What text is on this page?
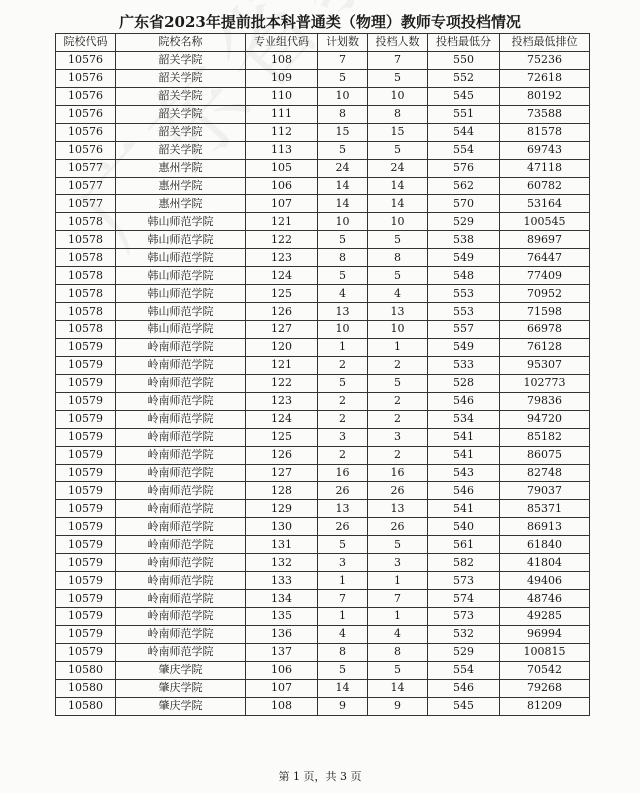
广东省2023年提前批本科普通类（物理）教师专项投档情况
院校代码	院校名称	专业组代码	计划数	投档人数	投档最低分	投档最低排位
10576	韶关学院	108	7	7	550	75236
10576	韶关学院	109	5	5	552	72618
10576	韶关学院	110	10	10	545	80192
10576	韶关学院	111	8	8	551	73588
10576	韶关学院	112	15	15	544	81578
10576	韶关学院	113	5	5	554	69743
10577	惠州学院	105	24	24	576	47118
10577	惠州学院	106	14	14	562	60782
10577	惠州学院	107	14	14	570	53164
10578	韩山师范学院	121	10	10	529	100545
10578	韩山师范学院	122	5	5	538	89697
10578	韩山师范学院	123	8	8	549	76447
10578	韩山师范学院	124	5	5	548	77409
10578	韩山师范学院	125	4	4	553	70952
10578	韩山师范学院	126	13	13	553	71598
10578	韩山师范学院	127	10	10	557	66978
10579	岭南师范学院	120	1	1	549	76128
10579	岭南师范学院	121	2	2	533	95307
10579	岭南师范学院	122	5	5	528	102773
10579	岭南师范学院	123	2	2	546	79836
10579	岭南师范学院	124	2	2	534	94720
10579	岭南师范学院	125	3	3	541	85182
10579	岭南师范学院	126	2	2	541	86075
10579	岭南师范学院	127	16	16	543	82748
10579	岭南师范学院	128	26	26	546	79037
10579	岭南师范学院	129	13	13	541	85371
10579	岭南师范学院	130	26	26	540	86913
10579	岭南师范学院	131	5	5	561	61840
10579	岭南师范学院	132	3	3	582	41804
10579	岭南师范学院	133	1	1	573	49406
10579	岭南师范学院	134	7	7	574	48746
10579	岭南师范学院	135	1	1	573	49285
10579	岭南师范学院	136	4	4	532	96994
10579	岭南师范学院	137	8	8	529	100815
10580	肇庆学院	106	5	5	554	70542
10580	肇庆学院	107	14	14	546	79268
10580	肇庆学院	108	9	9	545	81209
第 1 页，共 3 页
